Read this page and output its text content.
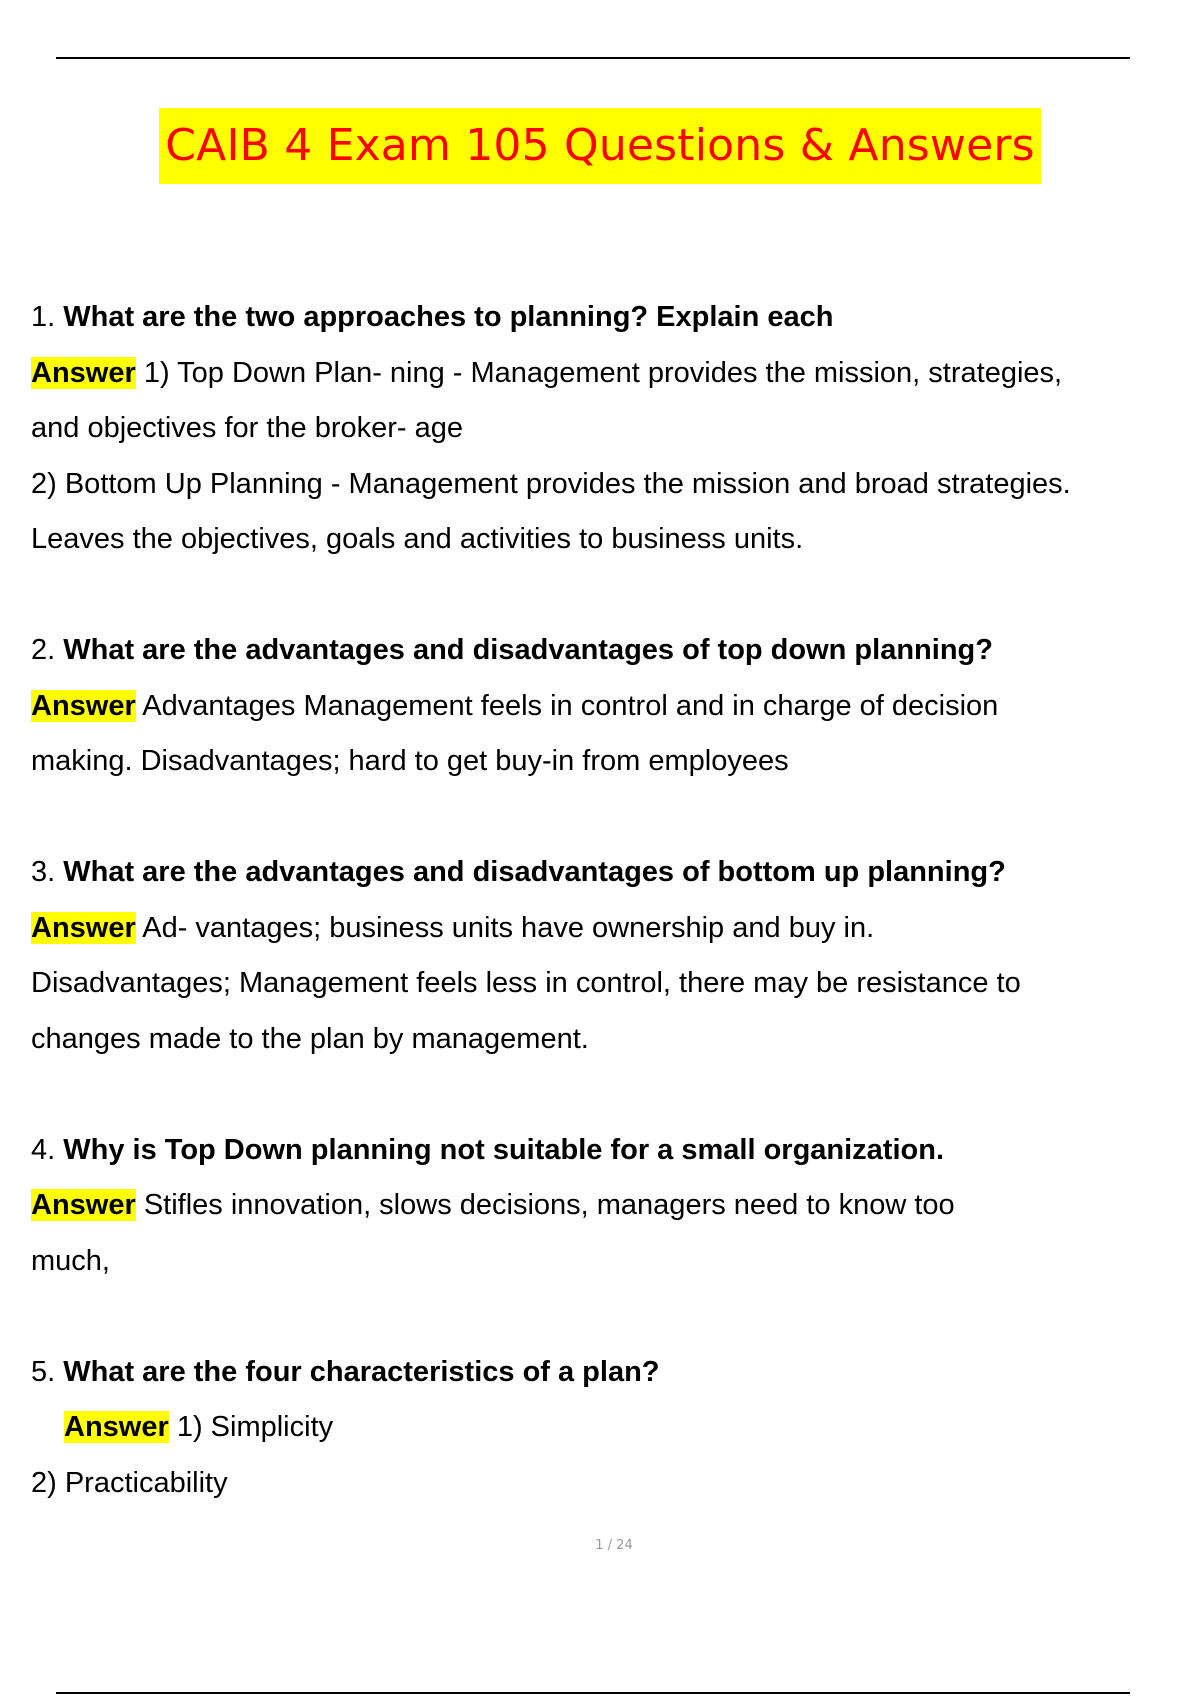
CAIB 4 Exam 105 Questions & Answers
1. What are the two approaches to planning? Explain each
Answer 1) Top Down Plan- ning - Management provides the mission, strategies,
and objectives for the broker- age
2) Bottom Up Planning - Management provides the mission and broad strategies.
Leaves the objectives, goals and activities to business units.
2. What are the advantages and disadvantages of top down planning?
Answer Advantages Management feels in control and in charge of decision
making. Disadvantages; hard to get buy-in from employees
3. What are the advantages and disadvantages of bottom up planning?
Answer Ad- vantages; business units have ownership and buy in.
Disadvantages; Management feels less in control, there may be resistance to
changes made to the plan by management.
4. Why is Top Down planning not suitable for a small organization.
Answer Stifles innovation, slows decisions, managers need to know too
much,
5. What are the four characteristics of a plan?
Answer 1) Simplicity
2) Practicability
1 / 24
